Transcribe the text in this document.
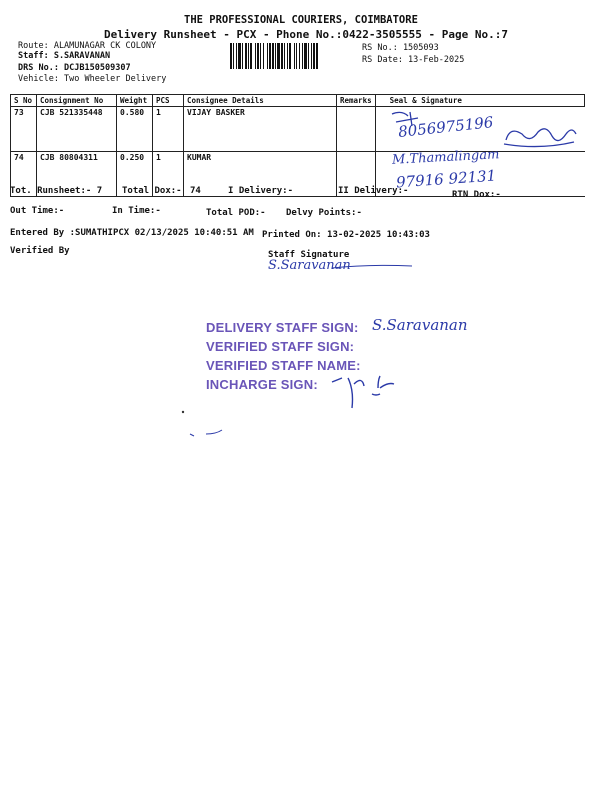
THE PROFESSIONAL COURIERS, COIMBATORE
Delivery Runsheet - PCX - Phone No.:0422-3505555 - Page No.:7
Route: ALAMUNAGAR CK COLONY
Staff: S.SARAVANAN
DRS No.: DCJB150509307
Vehicle: Two Wheeler Delivery
RS No.: 1505093
RS Date: 13-Feb-2025
S No	Consignment No	Weight	PCS	Consignee Details	Remarks	Seal & Signature
73	CJB 521335448	0.580	1	VIJAY BASKER		
74	CJB 80804311	0.250	1	KUMAR		
8056975196
M.Thamalingam
97916 92131
Tot. Runsheet:- 7 Total Dox:- 74	I Delivery:-	II Delivery:-	RTN Dox:-
Out Time:-	In Time:-	Total POD:- Delvy Points:-
Entered By :SUMATHIPCX 02/13/2025 10:40:51 AM Printed On: 13-02-2025 10:43:03
Verified By	Staff Signature
S.Saravanan
DELIVERY STAFF SIGN: S.Saravanan
VERIFIED STAFF SIGN:
VERIFIED STAFF NAME:
INCHARGE SIGN:
